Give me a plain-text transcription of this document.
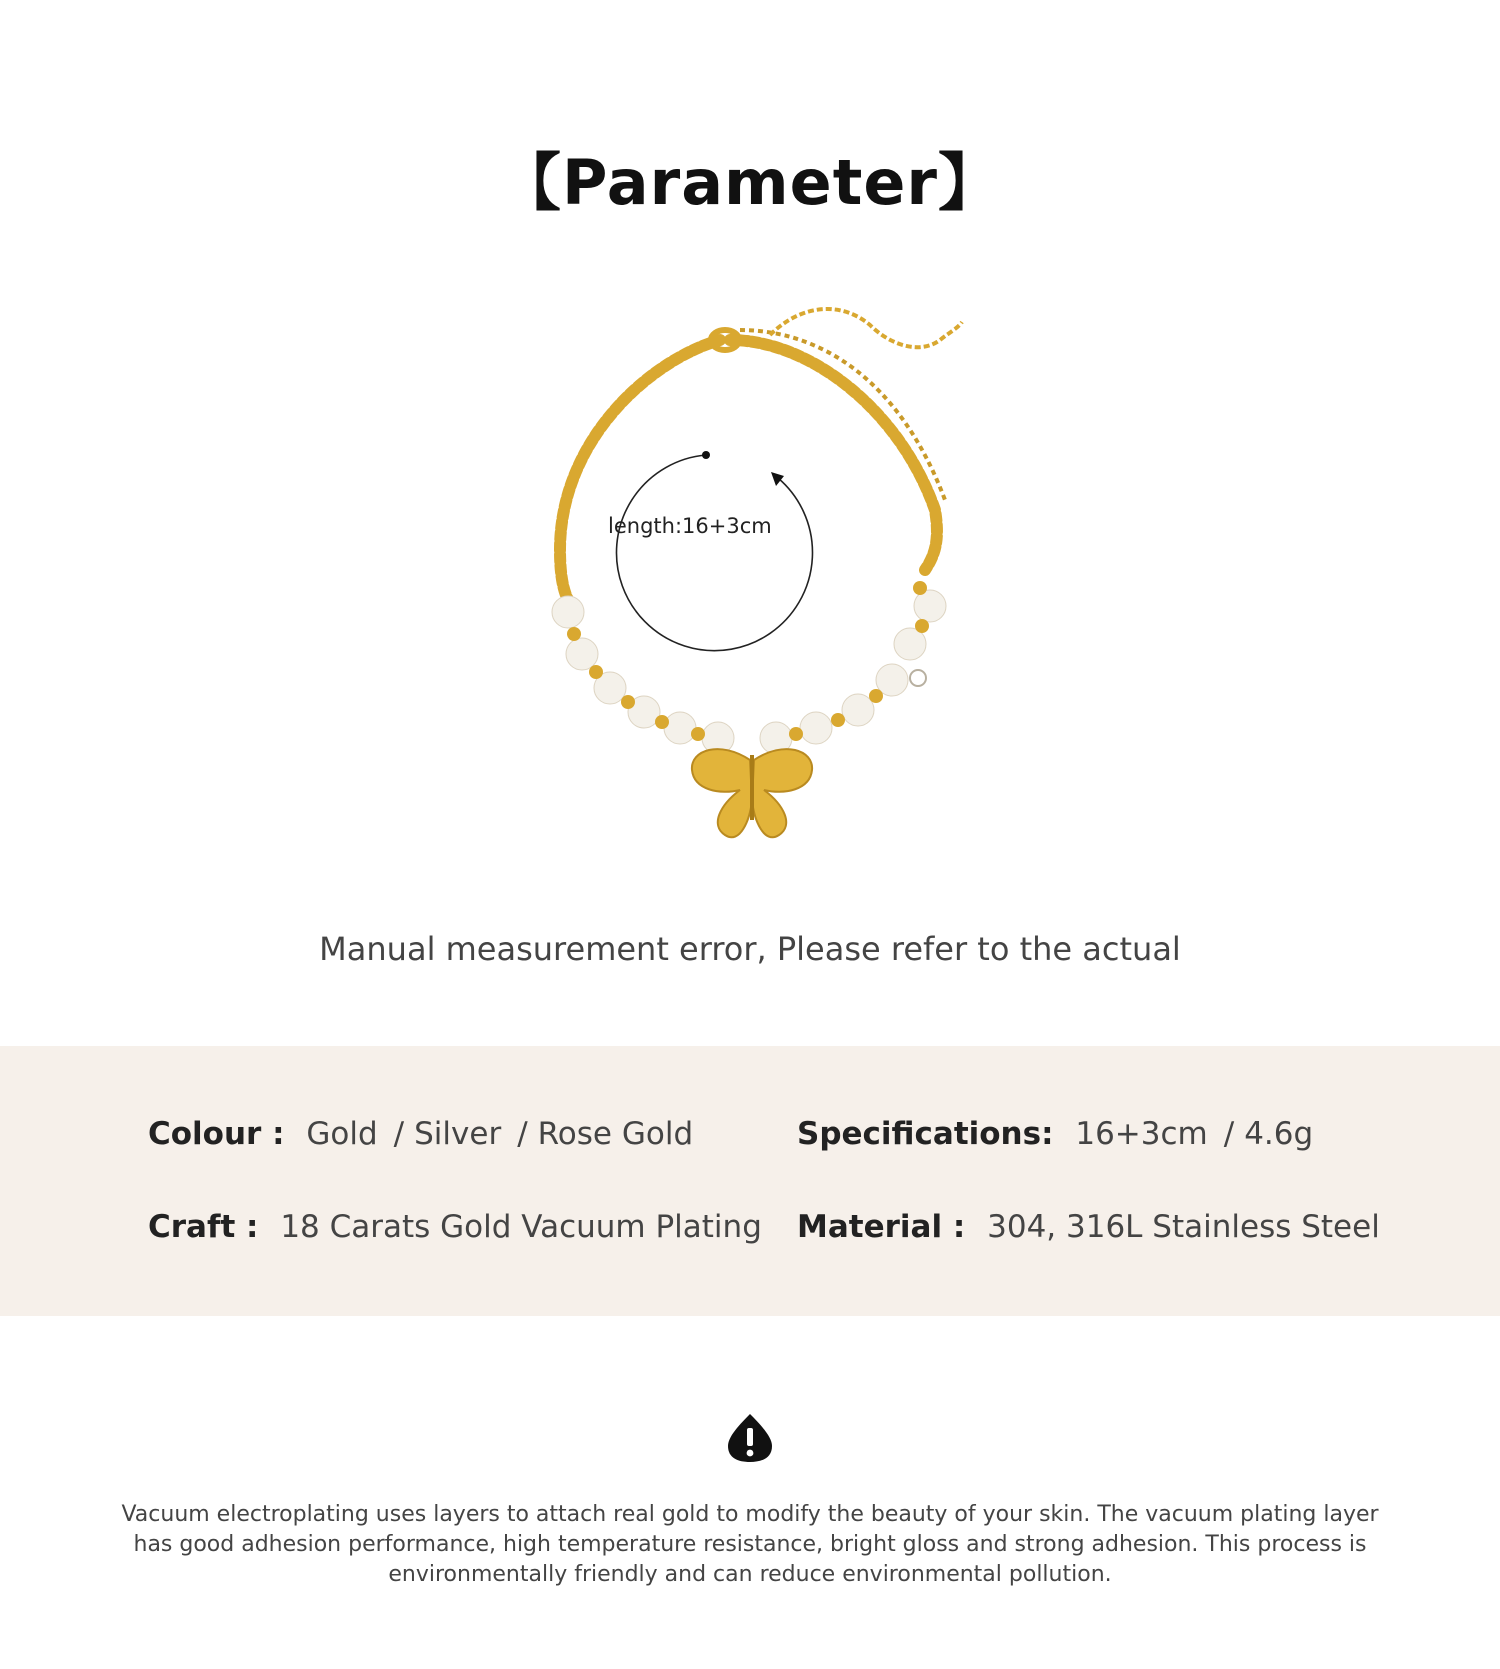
【Parameter】
length:16+3cm
Manual measurement error, Please refer to the actual
Colour : Gold / Silver / Rose Gold	Specifications: 16+3cm / 4.6g
Craft : 18 Carats Gold Vacuum Plating Material : 304, 316L Stainless Steel
Vacuum electroplating uses layers to attach real gold to modify the beauty of your skin. The vacuum plating layer has good adhesion performance, high temperature resistance, bright gloss and strong adhesion. This process is environmentally friendly and can reduce environmental pollution.
